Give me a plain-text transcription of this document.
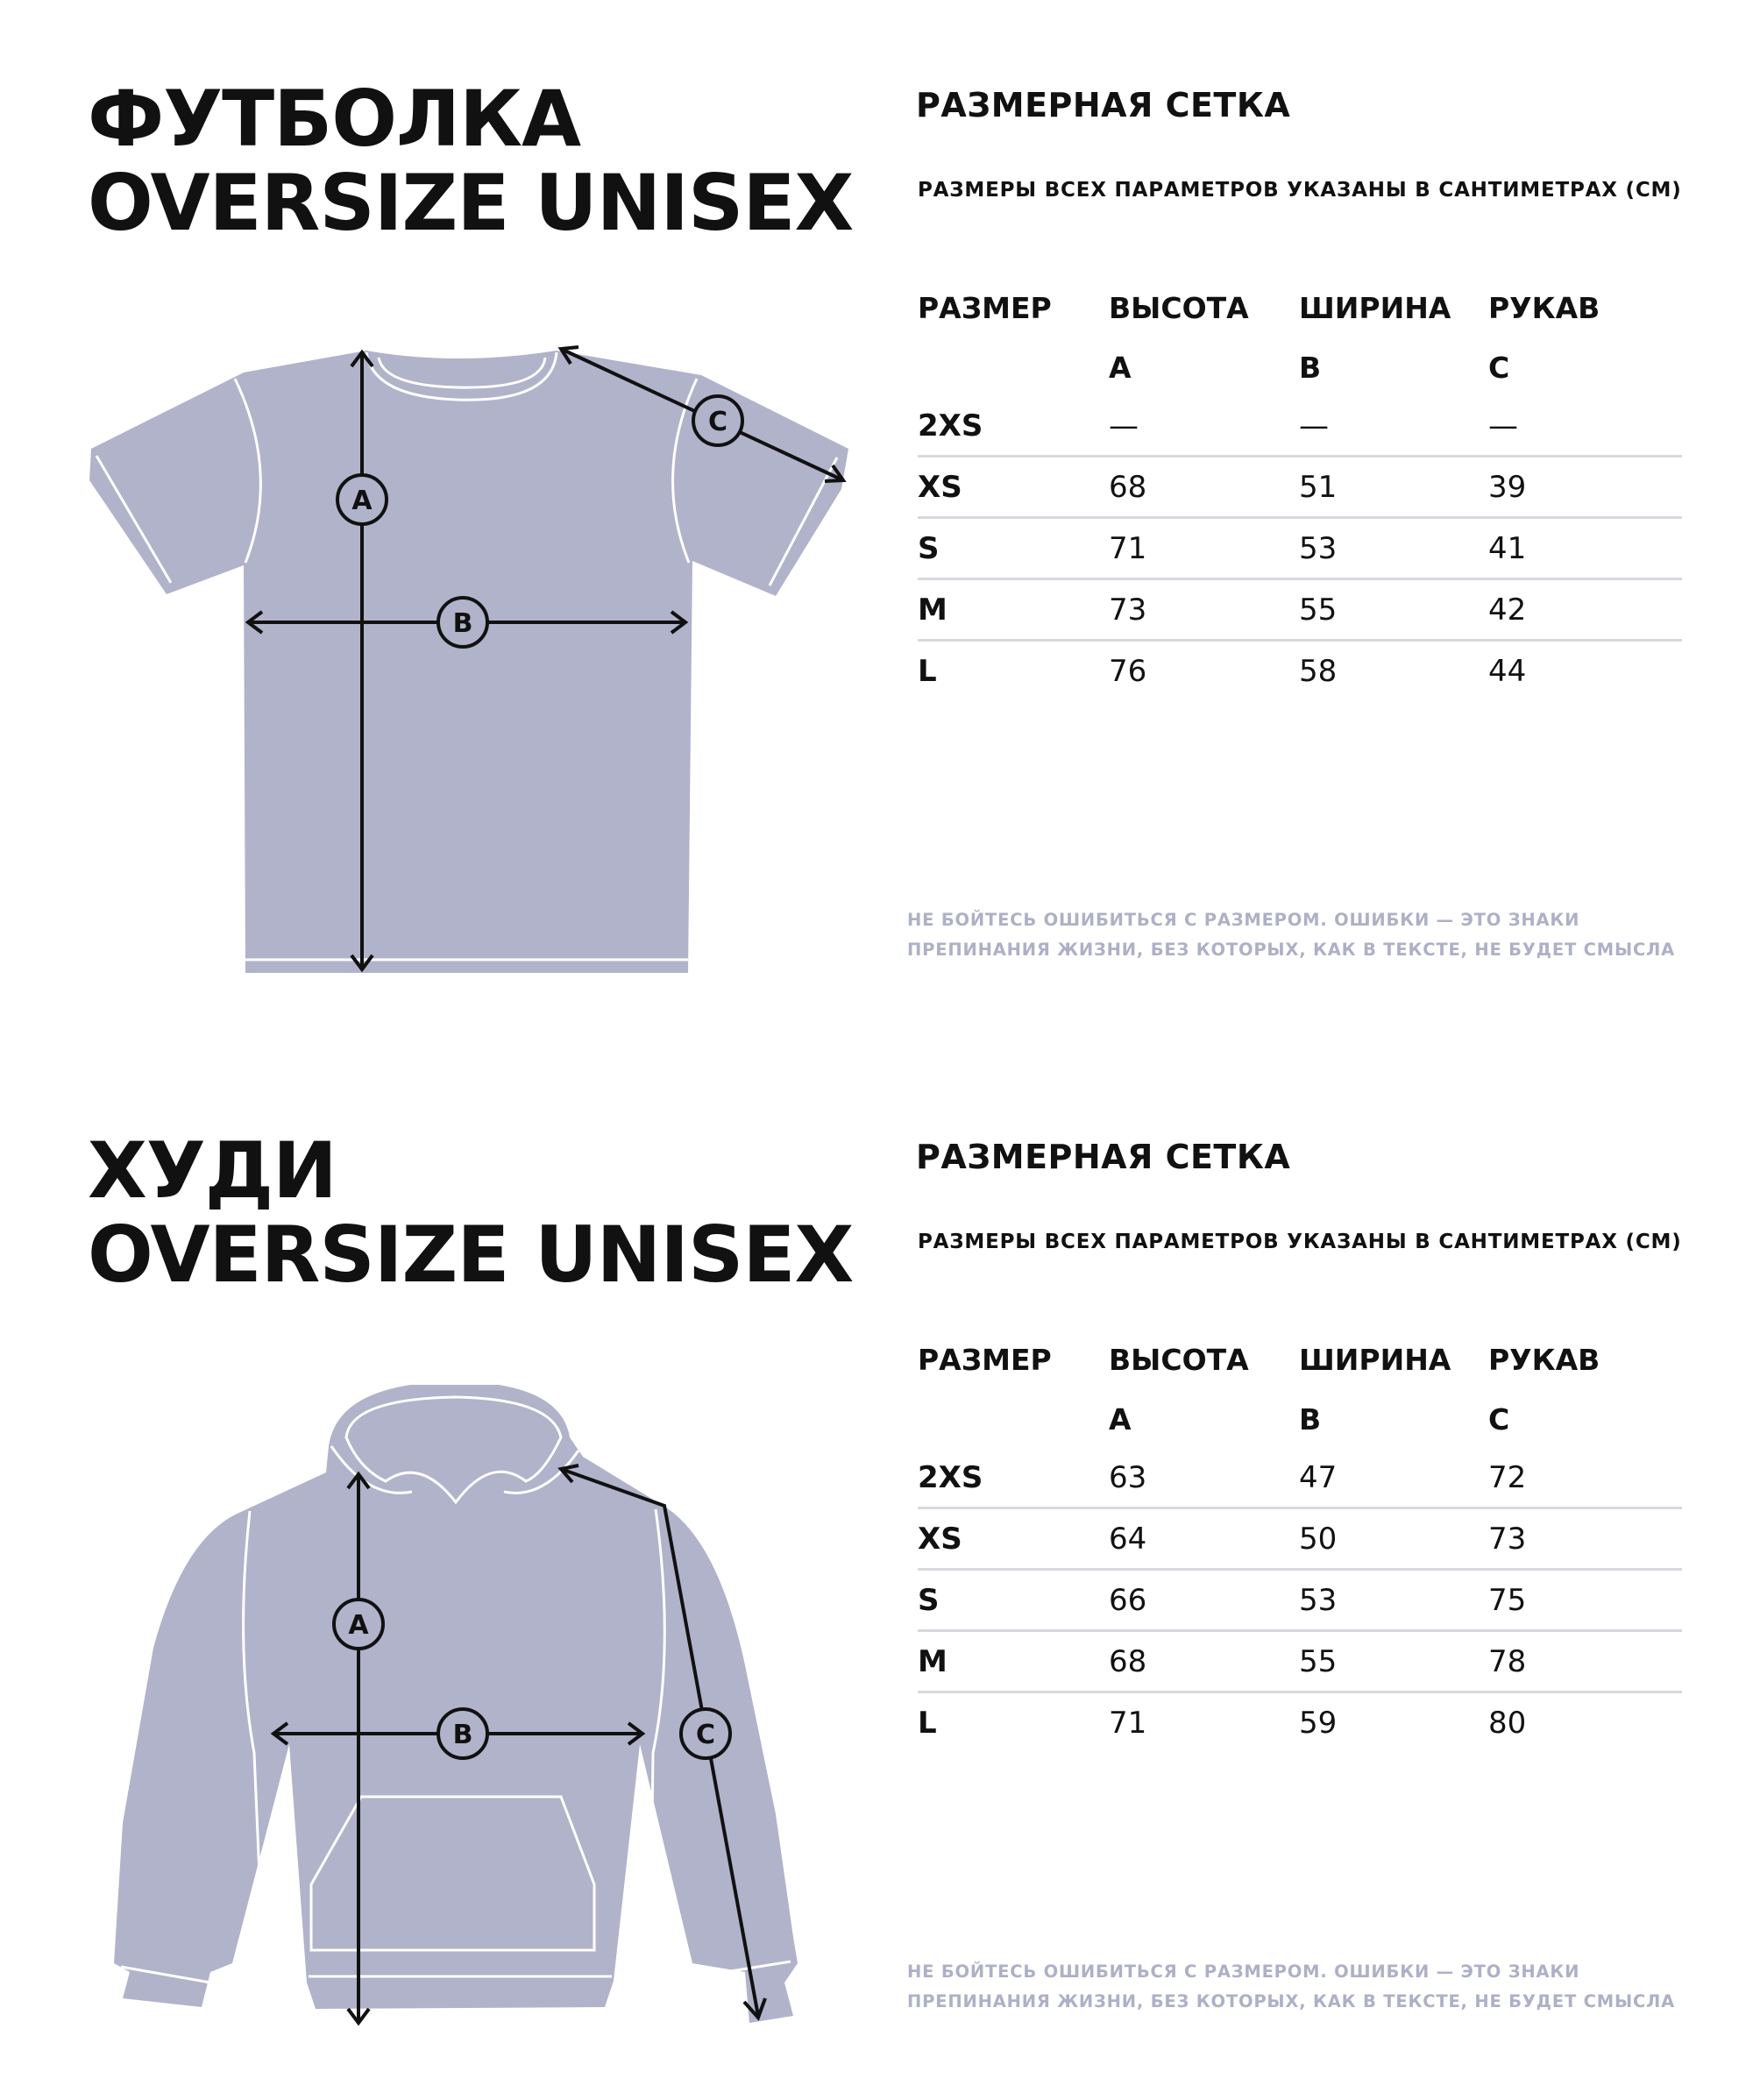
ФУТБОЛКА
OVERSIZE UNISEX
A
B
C
РАЗМЕРНАЯ СЕТКА

РАЗМЕРЫ ВСЕХ ПАРАМЕТРОВ УКАЗАНЫ В САНТИМЕТРАХ (СМ)

РАЗМЕР	ВЫСОТА	ШИРИНА	РУКАВ
	A	B	C
2XS	—	—	—
XS	68	51	39
S	71	53	41
M	73	55	42
L	76	58	44

НЕ БОЙТЕСЬ ОШИБИТЬСЯ С РАЗМЕРОМ. ОШИБКИ — ЭТО ЗНАКИ
ПРЕПИНАНИЯ ЖИЗНИ, БЕЗ КОТОРЫХ, КАК В ТЕКСТЕ, НЕ БУДЕТ СМЫСЛА

ХУДИ
OVERSIZE UNISEX
A
B	C
РАЗМЕРНАЯ СЕТКА

РАЗМЕРЫ ВСЕХ ПАРАМЕТРОВ УКАЗАНЫ В САНТИМЕТРАХ (СМ)

РАЗМЕР	ВЫСОТА	ШИРИНА	РУКАВ
	A	B	C
2XS	63	47	72
XS	64	50	73
S	66	53	75
M	68	55	78
L	71	59	80

НЕ БОЙТЕСЬ ОШИБИТЬСЯ С РАЗМЕРОМ. ОШИБКИ — ЭТО ЗНАКИ
ПРЕПИНАНИЯ ЖИЗНИ, БЕЗ КОТОРЫХ, КАК В ТЕКСТЕ, НЕ БУДЕТ СМЫСЛА
